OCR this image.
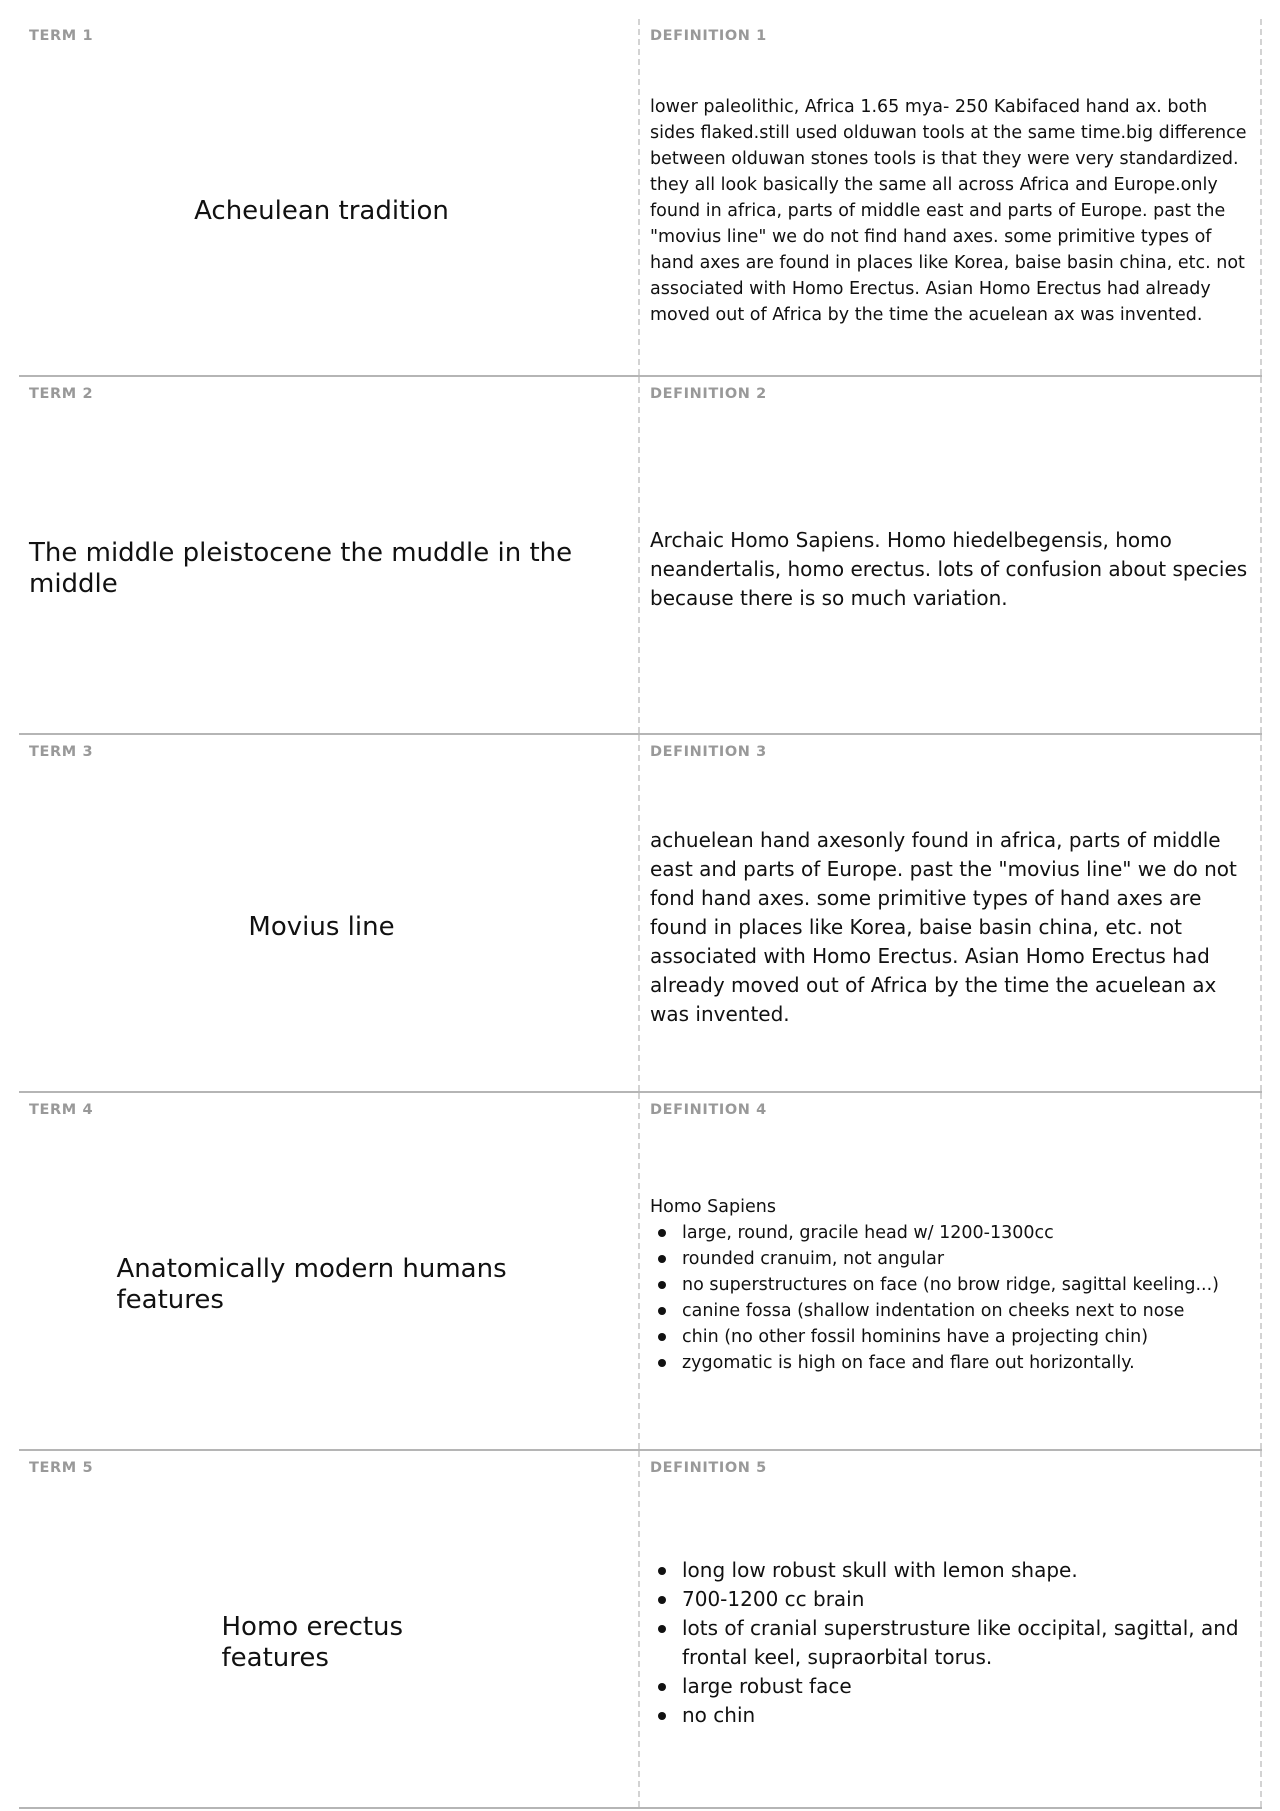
TERM 1
Acheulean tradition
DEFINITION 1
lower paleolithic, Africa 1.65 mya- 250 Kabifaced hand ax. both sides flaked.still used olduwan tools at the same time.big difference between olduwan stones tools is that they were very standardized. they all look basically the same all across Africa and Europe.only found in africa, parts of middle east and parts of Europe. past the "movius line" we do not find hand axes. some primitive types of hand axes are found in places like Korea, baise basin china, etc. not associated with Homo Erectus. Asian Homo Erectus had already moved out of Africa by the time the acuelean ax was invented.
TERM 2
The middle pleistocene the muddle in the middle
DEFINITION 2
Archaic Homo Sapiens. Homo hiedelbegensis, homo neandertalis, homo erectus. lots of confusion about species because there is so much variation.
TERM 3
Movius line
DEFINITION 3
achuelean hand axesonly found in africa, parts of middle east and parts of Europe. past the "movius line" we do not fond hand axes. some primitive types of hand axes are found in places like Korea, baise basin china, etc. not associated with Homo Erectus. Asian Homo Erectus had already moved out of Africa by the time the acuelean ax was invented.
TERM 4
Anatomically modern humans features
DEFINITION 4
Homo Sapiens
large, round, gracile head w/ 1200-1300cc
rounded cranuim, not angular
no superstructures on face (no brow ridge, sagittal keeling...)
canine fossa (shallow indentation on cheeks next to nose
chin (no other fossil hominins have a projecting chin)
zygomatic is high on face and flare out horizontally.
TERM 5
Homo erectus features
DEFINITION 5
long low robust skull with lemon shape.
700-1200 cc brain
lots of cranial superstrusture like occipital, sagittal, and frontal keel, supraorbital torus.
large robust face
no chin
